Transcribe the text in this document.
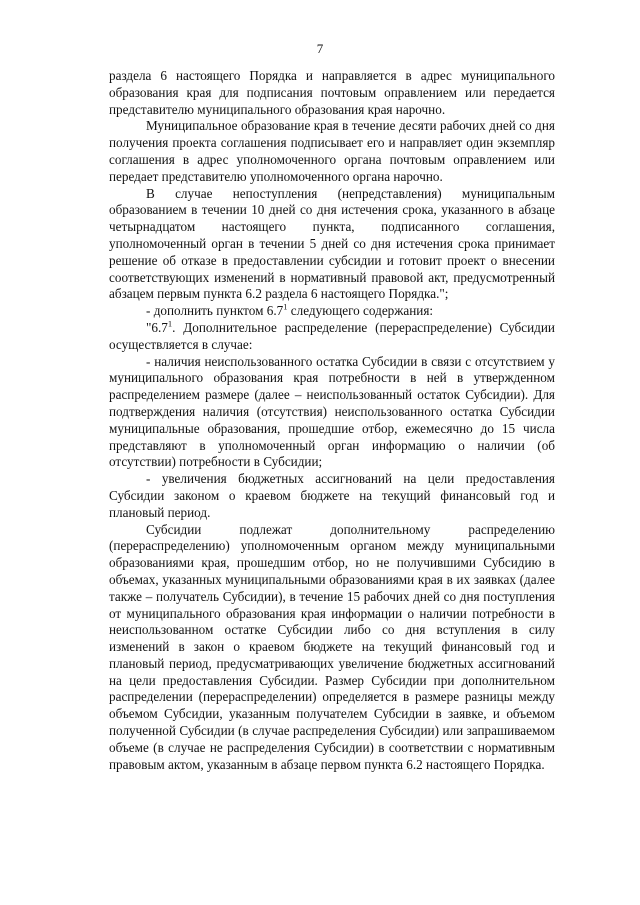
7

раздела 6 настоящего Порядка и направляется в адрес муниципального образования края для подписания почтовым оправлением или передается представителю муниципального образования края нарочно.

Муниципальное образование края в течение десяти рабочих дней со дня получения проекта соглашения подписывает его и направляет один экземпляр соглашения в адрес уполномоченного органа почтовым оправлением или передает представителю уполномоченного органа нарочно.

В случае непоступления (непредставления) муниципальным образованием в течении 10 дней со дня истечения срока, указанного в абзаце четырнадцатом настоящего пункта, подписанного соглашения, уполномоченный орган в течении 5 дней со дня истечения срока принимает решение об отказе в предоставлении субсидии и готовит проект о внесении соответствующих изменений в нормативный правовой акт, предусмотренный абзацем первым пункта 6.2 раздела 6 настоящего Порядка.";

- дополнить пунктом $6.7^1$ следующего содержания:

"$6.7^1$. Дополнительное распределение (перераспределение) Субсидии осуществляется в случае:

- наличия неиспользованного остатка Субсидии в связи с отсутствием у муниципального образования края потребности в ней в утвержденном распределением размере (далее – неиспользованный остаток Субсидии). Для подтверждения наличия (отсутствия) неиспользованного остатка Субсидии муниципальные образования, прошедшие отбор, ежемесячно до 15 числа представляют в уполномоченный орган информацию о наличии (об отсутствии) потребности в Субсидии;

- увеличения бюджетных ассигнований на цели предоставления Субсидии законом о краевом бюджете на текущий финансовый год и плановый период.

Субсидии подлежат дополнительному распределению (перераспределению) уполномоченным органом между муниципальными образованиями края, прошедшим отбор, но не получившими Субсидию в объемах, указанных муниципальными образованиями края в их заявках (далее также – получатель Субсидии), в течение 15 рабочих дней со дня поступления от муниципального образования края информации о наличии потребности в неиспользованном остатке Субсидии либо со дня вступления в силу изменений в закон о краевом бюджете на текущий финансовый год и плановый период, предусматривающих увеличение бюджетных ассигнований на цели предоставления Субсидии. Размер Субсидии при дополнительном распределении (перераспределении) определяется в размере разницы между объемом Субсидии, указанным получателем Субсидии в заявке, и объемом полученной Субсидии (в случае распределения Субсидии) или запрашиваемом объеме (в случае не распределения Субсидии) в соответствии с нормативным правовым актом, указанным в абзаце первом пункта 6.2 настоящего Порядка.
